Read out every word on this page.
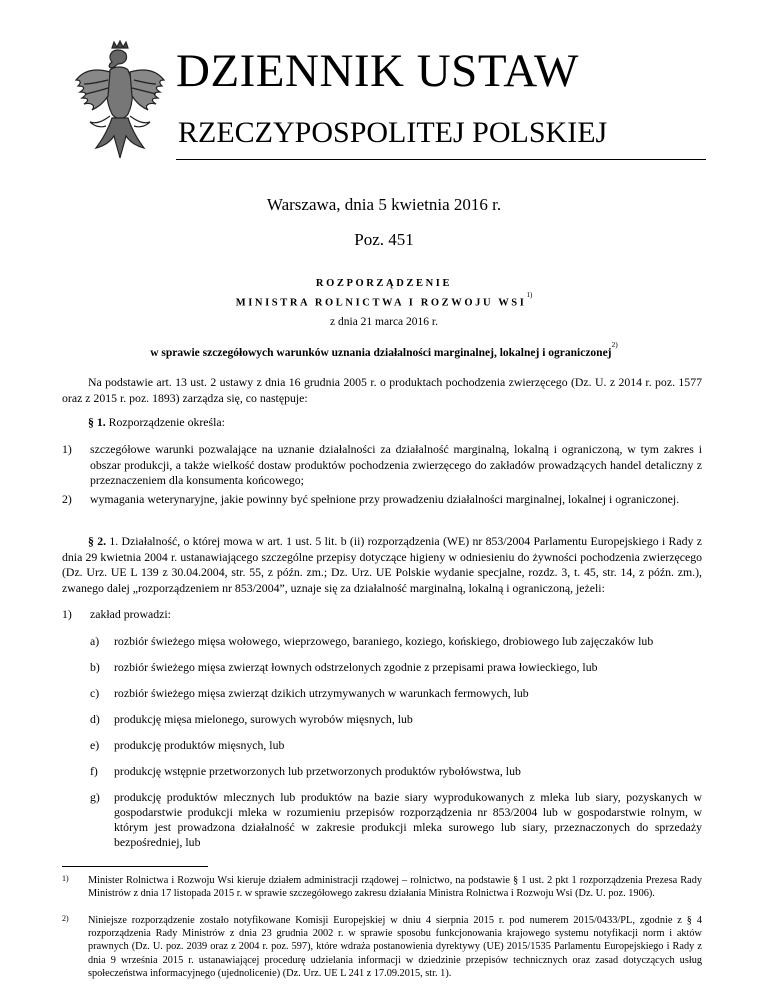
DZIENNIK USTAW
RZECZYPOSPOLITEJ POLSKIEJ
Warszawa, dnia 5 kwietnia 2016 r.
Poz. 451
ROZPORZĄDZENIE
MINISTRA ROLNICTWA I ROZWOJU WSI$^{1)}$
z dnia 21 marca 2016 r.
w sprawie szczegółowych warunków uznania działalności marginalnej, lokalnej i ograniczonej$^{2)}$
Na podstawie art. 13 ust. 2 ustawy z dnia 16 grudnia 2005 r. o produktach pochodzenia zwierzęcego (Dz. U. z 2014 r. poz. 1577 oraz z 2015 r. poz. 1893) zarządza się, co następuje:
§ 1. Rozporządzenie określa:
1) szczegółowe warunki pozwalające na uznanie działalności za działalność marginalną, lokalną i ograniczoną, w tym zakres i obszar produkcji, a także wielkość dostaw produktów pochodzenia zwierzęcego do zakładów prowadzących handel detaliczny z przeznaczeniem dla konsumenta końcowego;
2) wymagania weterynaryjne, jakie powinny być spełnione przy prowadzeniu działalności marginalnej, lokalnej i ograniczonej.
§ 2. 1. Działalność, o której mowa w art. 1 ust. 5 lit. b (ii) rozporządzenia (WE) nr 853/2004 Parlamentu Europejskiego i Rady z dnia 29 kwietnia 2004 r. ustanawiającego szczególne przepisy dotyczące higieny w odniesieniu do żywności pochodzenia zwierzęcego (Dz. Urz. UE L 139 z 30.04.2004, str. 55, z późn. zm.; Dz. Urz. UE Polskie wydanie specjalne, rozdz. 3, t. 45, str. 14, z późn. zm.), zwanego dalej „rozporządzeniem nr 853/2004”, uznaje się za działalność marginalną, lokalną i ograniczoną, jeżeli:
1) zakład prowadzi:
a) rozbiór świeżego mięsa wołowego, wieprzowego, baraniego, koziego, końskiego, drobiowego lub zajęczaków lub
b) rozbiór świeżego mięsa zwierząt łownych odstrzelonych zgodnie z przepisami prawa łowieckiego, lub
c) rozbiór świeżego mięsa zwierząt dzikich utrzymywanych w warunkach fermowych, lub
d) produkcję mięsa mielonego, surowych wyrobów mięsnych, lub
e) produkcję produktów mięsnych, lub
f) produkcję wstępnie przetworzonych lub przetworzonych produktów rybołówstwa, lub
g) produkcję produktów mlecznych lub produktów na bazie siary wyprodukowanych z mleka lub siary, pozyskanych w gospodarstwie produkcji mleka w rozumieniu przepisów rozporządzenia nr 853/2004 lub w gospodarstwie rolnym, w którym jest prowadzona działalność w zakresie produkcji mleka surowego lub siary, przeznaczonych do sprzedaży bezpośredniej, lub
1) Minister Rolnictwa i Rozwoju Wsi kieruje działem administracji rządowej – rolnictwo, na podstawie § 1 ust. 2 pkt 1 rozporządzenia Prezesa Rady Ministrów z dnia 17 listopada 2015 r. w sprawie szczegółowego zakresu działania Ministra Rolnictwa i Rozwoju Wsi (Dz. U. poz. 1906).
2) Niniejsze rozporządzenie zostało notyfikowane Komisji Europejskiej w dniu 4 sierpnia 2015 r. pod numerem 2015/0433/PL, zgodnie z § 4 rozporządzenia Rady Ministrów z dnia 23 grudnia 2002 r. w sprawie sposobu funkcjonowania krajowego systemu notyfikacji norm i aktów prawnych (Dz. U. poz. 2039 oraz z 2004 r. poz. 597), które wdraża postanowienia dyrektywy (UE) 2015/1535 Parlamentu Europejskiego i Rady z dnia 9 września 2015 r. ustanawiającej procedurę udzielania informacji w dziedzinie przepisów technicznych oraz zasad dotyczących usług społeczeństwa informacyjnego (ujednolicenie) (Dz. Urz. UE L 241 z 17.09.2015, str. 1).
